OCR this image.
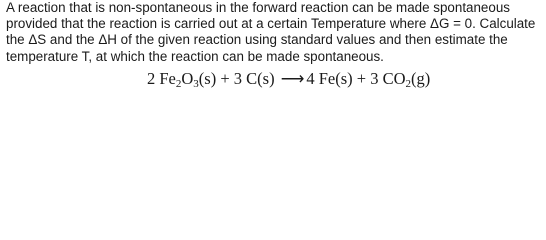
A reaction that is non-spontaneous in the forward reaction can be made spontaneous
provided that the reaction is carried out at a certain Temperature where ΔG = 0. Calculate
the ΔS and the ΔH of the given reaction using standard values and then estimate the
temperature T, at which the reaction can be made spontaneous.
2 $Fe_2O_3(s) + 3$ C(s) ⟶ 4 Fe(s) + 3 $CO_2(g)$
